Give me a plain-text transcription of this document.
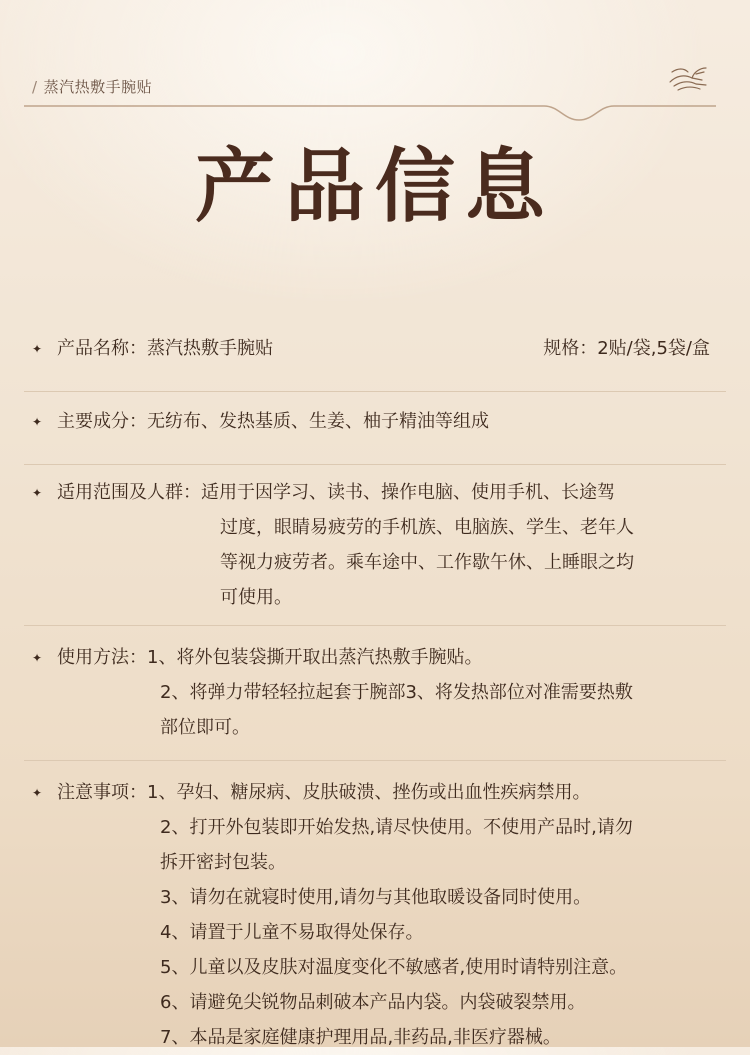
/ 蒸汽热敷手腕贴
产品信息
✦ 产品名称：蒸汽热敷手腕贴	规格：2贴/袋,5袋/盒
✦ 主要成分：无纺布、发热基质、生姜、柚子精油等组成
✦ 适用范围及人群：适用于因学习、读书、操作电脑、使用手机、长途驾
过度，眼睛易疲劳的手机族、电脑族、学生、老年人
等视力疲劳者。乘车途中、工作歇午休、上睡眼之均
可使用。
✦ 使用方法：1、将外包装袋撕开取出蒸汽热敷手腕贴。
2、将弹力带轻轻拉起套于腕部3、将发热部位对准需要热敷
部位即可。
✦ 注意事项：1、孕妇、糖尿病、皮肤破溃、挫伤或出血性疾病禁用。
2、打开外包装即开始发热,请尽快使用。不使用产品时,请勿
拆开密封包装。
3、请勿在就寝时使用,请勿与其他取暖设备同时使用。
4、请置于儿童不易取得处保存。
5、儿童以及皮肤对温度变化不敏感者,使用时请特别注意。
6、请避免尖锐物品刺破本产品内袋。内袋破裂禁用。
7、本品是家庭健康护理用品,非药品,非医疗器械。
